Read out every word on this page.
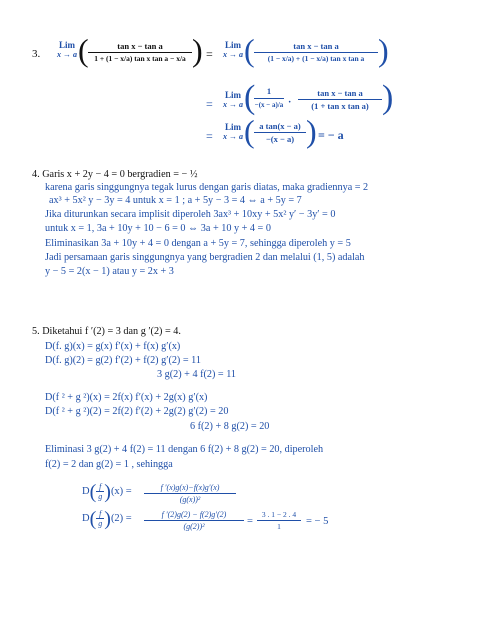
3.
Lim
x → a ( $\frac{\text{tan x − tan a}}{\text{1 + (1 − x/a) tan x tan a − x/a}}$ ) =
Lim
x → a ( $\frac{\text{tan x − tan a}}{\text{(1 − x/a) + (1 − x/a) tan x tan a}}$ )
=
Lim
x → a (	1
$-(x - a)/a \cdot \frac{\text{tan x − tan a}}{\text{(1 + tan x tan a)}}$ )
=
Lim
x → a ( $\frac{\text{a tan(x − a)}}{-(x - a)}$ ) = − a
4. Garis x + 2y − 4 = 0 bergradien = − ½
karena garis singgungnya tegak lurus dengan garis diatas, maka gradiennya = 2
ax³ + 5x² y − 3y = 4 untuk x = 1 ; a + 5y − 3 = 4 ⇔ a + 5y = 7
Jika diturunkan secara implisit diperoleh 3ax³ + 10xy + 5x² y′ − 3y′ = 0
untuk x = 1, 3a + 10y + 10 − 6 = 0 ⇔ 3a + 10 y + 4 = 0
Eliminasikan 3a + 10y + 4 = 0 dengan a + 5y = 7, sehingga diperoleh y = 5
Jadi persamaan garis singgungnya yang bergradien 2 dan melalui (1, 5) adalah
y − 5 = 2(x − 1) atau y = 2x + 3
5. Diketahui f ′(2) = 3 dan g ′(2) = 4.
D(f. g)(x) = g(x) f′(x) + f(x) g′(x)
D(f. g)(2) = g(2) f′(2) + f(2) g′(2) = 11
3 g(2) + 4 f(2) = 11
D(f ² + g ²)(x) = 2f(x) f′(x) + 2g(x) g′(x)
D(f ² + g ²)(2) = 2f(2) f′(2) + 2g(2) g′(2) = 20
6 f(2) + 8 g(2) = 20
Eliminasi 3 g(2) + 4 f(2) = 11 dengan 6 f(2) + 8 g(2) = 20, diperoleh
f(2) = 2 dan g(2) = 1 , sehingga
$D( \frac{f}{g} )(x) = \frac{f '(x)g(x)-f(x)g'(x)}{\text{(g(x))²}}$
$D( \frac{f}{g} )(2) = \frac{f '(2)g(2) - f(2)g'(2)}{\text{(g(2))²}} = \frac{3 . 1 - 2 . 4}{1}$ = − 5
